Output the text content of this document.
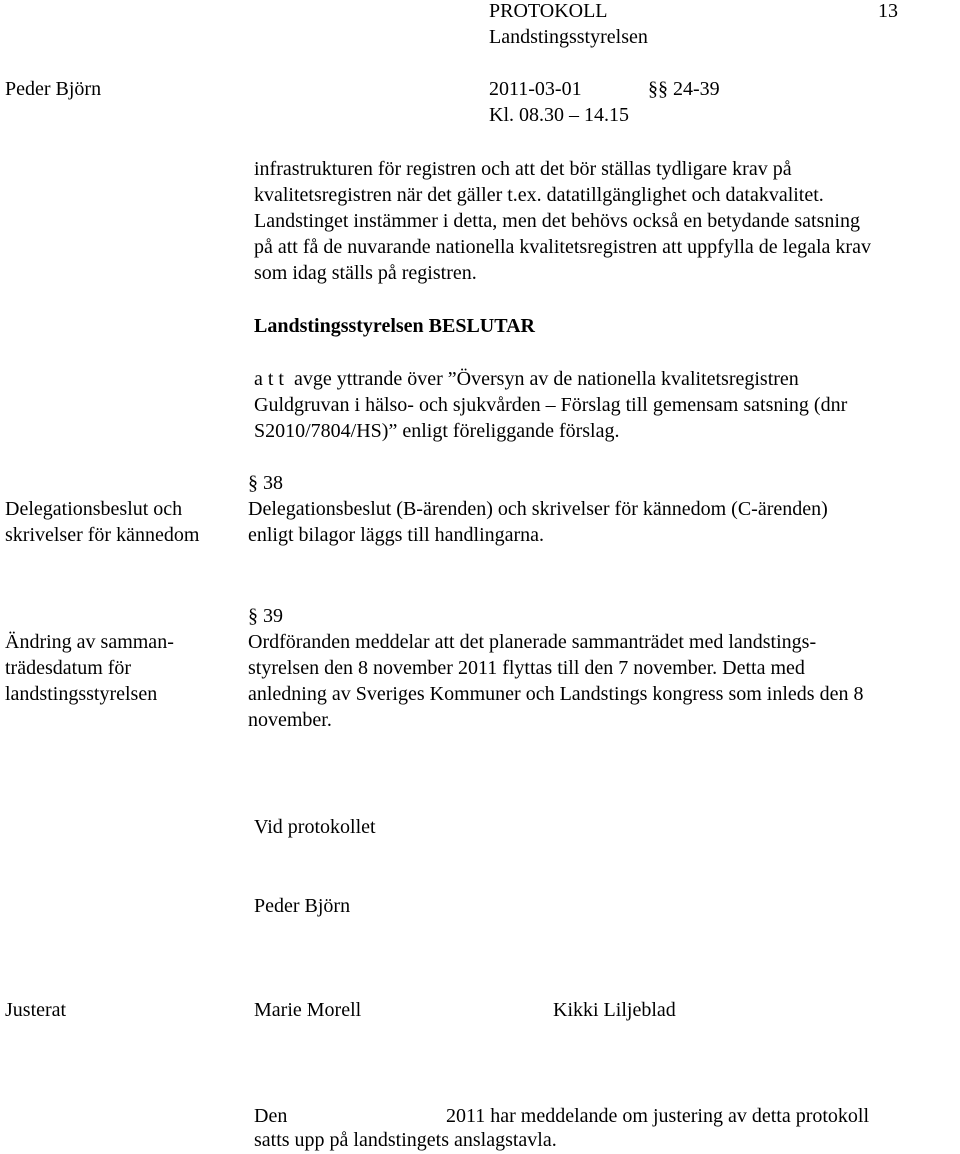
PROTOKOLL	13
Landstingsstyrelsen
Peder Björn	2011-03-01	§§ 24-39
Kl. 08.30 – 14.15
infrastrukturen för registren och att det bör ställas tydligare krav på
kvalitetsregistren när det gäller t.ex. datatillgänglighet och datakvalitet.
Landstinget instämmer i detta, men det behövs också en betydande satsning
på att få de nuvarande nationella kvalitetsregistren att uppfylla de legala krav
som idag ställs på registren.
Landstingsstyrelsen BESLUTAR
a t t  avge yttrande över ”Översyn av de nationella kvalitetsregistren
Guldgruvan i hälso- och sjukvården – Förslag till gemensam satsning (dnr
S2010/7804/HS)” enligt föreliggande förslag.
§ 38
Delegationsbeslut och
skrivelser för kännedom
Delegationsbeslut (B-ärenden) och skrivelser för kännedom (C-ärenden)
enligt bilagor läggs till handlingarna.
§ 39
Ändring av samman-
trädesdatum för
landstingsstyrelsen
Ordföranden meddelar att det planerade sammanträdet med landstings-
styrelsen den 8 november 2011 flyttas till den 7 november. Detta med
anledning av Sveriges Kommuner och Landstings kongress som inleds den 8
november.
Vid protokollet
Peder Björn
Justerat	Marie Morell	Kikki Liljeblad
Den	2011 har meddelande om justering av detta protokoll
satts upp på landstingets anslagstavla.
